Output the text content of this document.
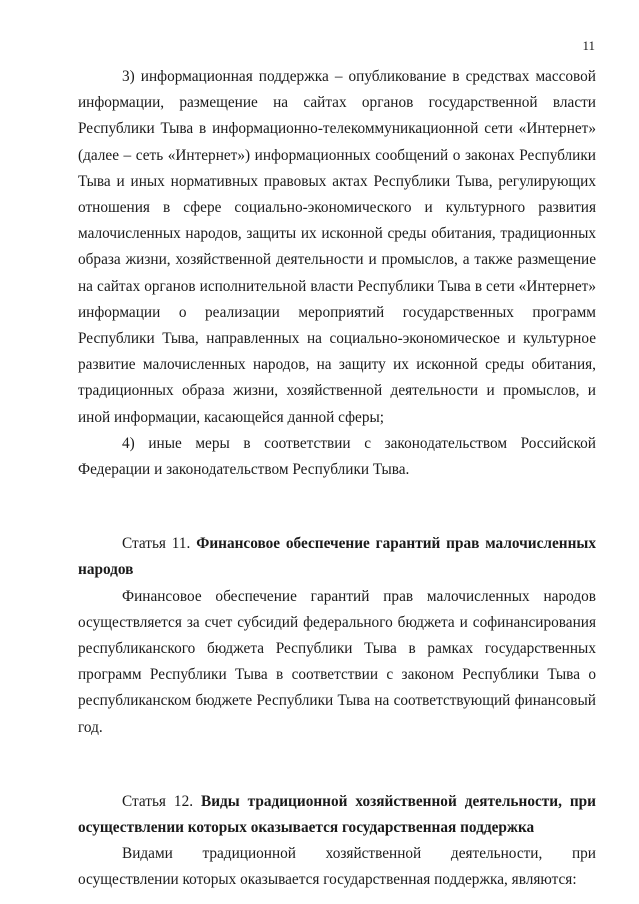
11

3) информационная поддержка – опубликование в средствах массовой информации, размещение на сайтах органов государственной власти Республики Тыва в информационно-телекоммуникационной сети «Интернет» (далее – сеть «Интернет») информационных сообщений о законах Республики Тыва и иных нормативных правовых актах Республики Тыва, регулирующих отношения в сфере социально-экономического и культурного развития малочисленных народов, защиты их исконной среды обитания, традиционных образа жизни, хозяйственной деятельности и промыслов, а также размещение на сайтах органов исполнительной власти Республики Тыва в сети «Интернет» информации о реализации мероприятий государственных программ Республики Тыва, направленных на социально-экономическое и культурное развитие малочисленных народов, на защиту их исконной среды обитания, традиционных образа жизни, хозяйственной деятельности и промыслов, и иной информации, касающейся данной сферы;

4) иные меры в соответствии с законодательством Российской Федерации и законодательством Республики Тыва.

Статья 11. Финансовое обеспечение гарантий прав малочисленных народов

Финансовое обеспечение гарантий прав малочисленных народов осуществляется за счет субсидий федерального бюджета и софинансирования республиканского бюджета Республики Тыва в рамках государственных программ Республики Тыва в соответствии с законом Республики Тыва о республиканском бюджете Республики Тыва на соответствующий финансовый год.

Статья 12. Виды традиционной хозяйственной деятельности, при осуществлении которых оказывается государственная поддержка

Видами традиционной хозяйственной деятельности, при осуществлении которых оказывается государственная поддержка, являются:
